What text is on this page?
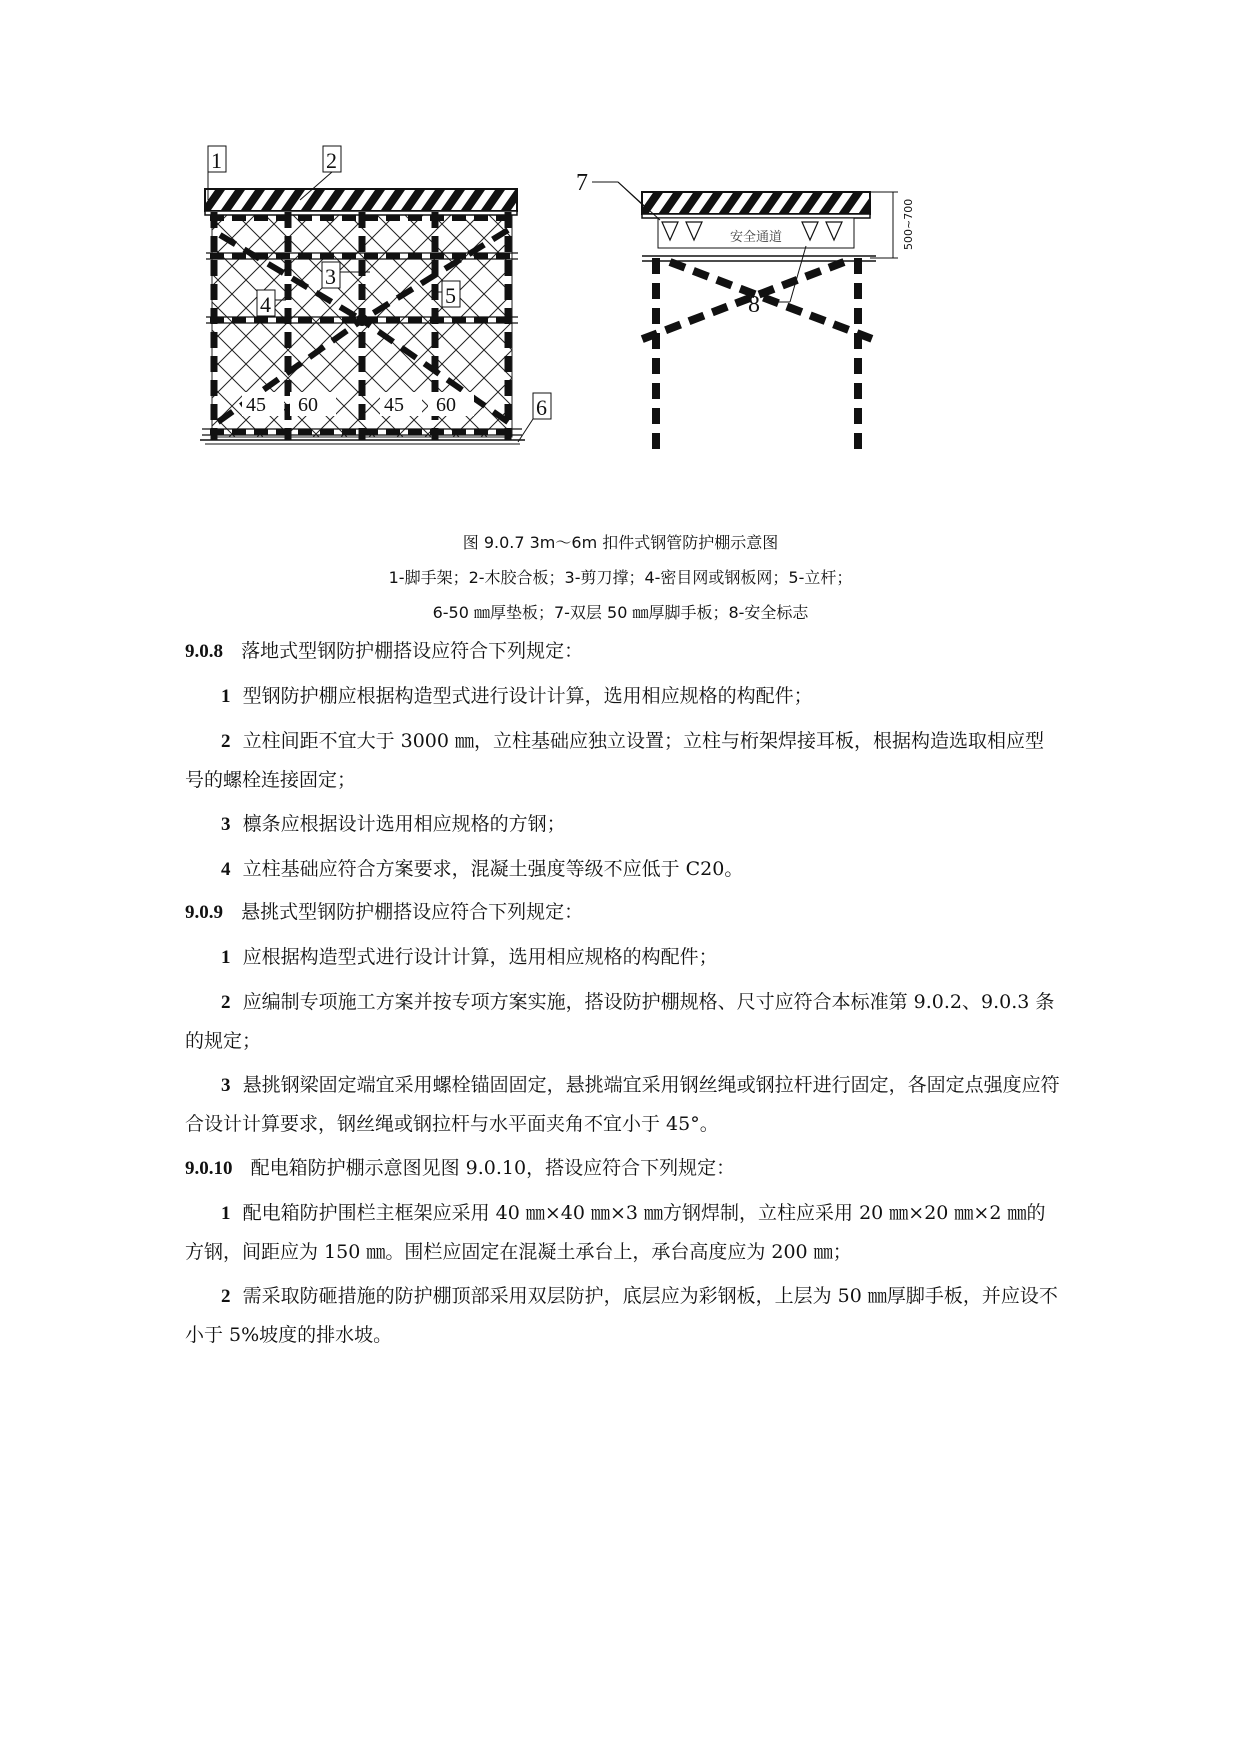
45 60	45 60
1	2
3
4	5
6
安全通道	500~700
7
8
图 9.0.7 3m～6m 扣件式钢管防护棚示意图
1-脚手架；2-木胶合板；3-剪刀撑；4-密目网或钢板网；5-立杆；
6-50 ㎜厚垫板；7-双层 50 ㎜厚脚手板；8-安全标志
9.0.8 落地式型钢防护棚搭设应符合下列规定：
1 型钢防护棚应根据构造型式进行设计计算，选用相应规格的构配件；
2 立柱间距不宜大于 3000 ㎜，立柱基础应独立设置；立柱与桁架焊接耳板，根据构造选取相应型号的螺栓连接固定；
3 檩条应根据设计选用相应规格的方钢；
4 立柱基础应符合方案要求，混凝土强度等级不应低于 C20。
9.0.9 悬挑式型钢防护棚搭设应符合下列规定：
1 应根据构造型式进行设计计算，选用相应规格的构配件；
2 应编制专项施工方案并按专项方案实施，搭设防护棚规格、尺寸应符合本标准第 9.0.2、9.0.3 条的规定；
3 悬挑钢梁固定端宜采用螺栓锚固固定，悬挑端宜采用钢丝绳或钢拉杆进行固定，各固定点强度应符合设计计算要求，钢丝绳或钢拉杆与水平面夹角不宜小于 45°。
9.0.10 配电箱防护棚示意图见图 9.0.10，搭设应符合下列规定：
1 配电箱防护围栏主框架应采用 40 ㎜×40 ㎜×3 ㎜方钢焊制，立柱应采用 20 ㎜×20 ㎜×2 ㎜的方钢，间距应为 150 ㎜。围栏应固定在混凝土承台上，承台高度应为 200 ㎜；
2 需采取防砸措施的防护棚顶部采用双层防护，底层应为彩钢板，上层为 50 ㎜厚脚手板，并应设不小于 5%坡度的排水坡。
